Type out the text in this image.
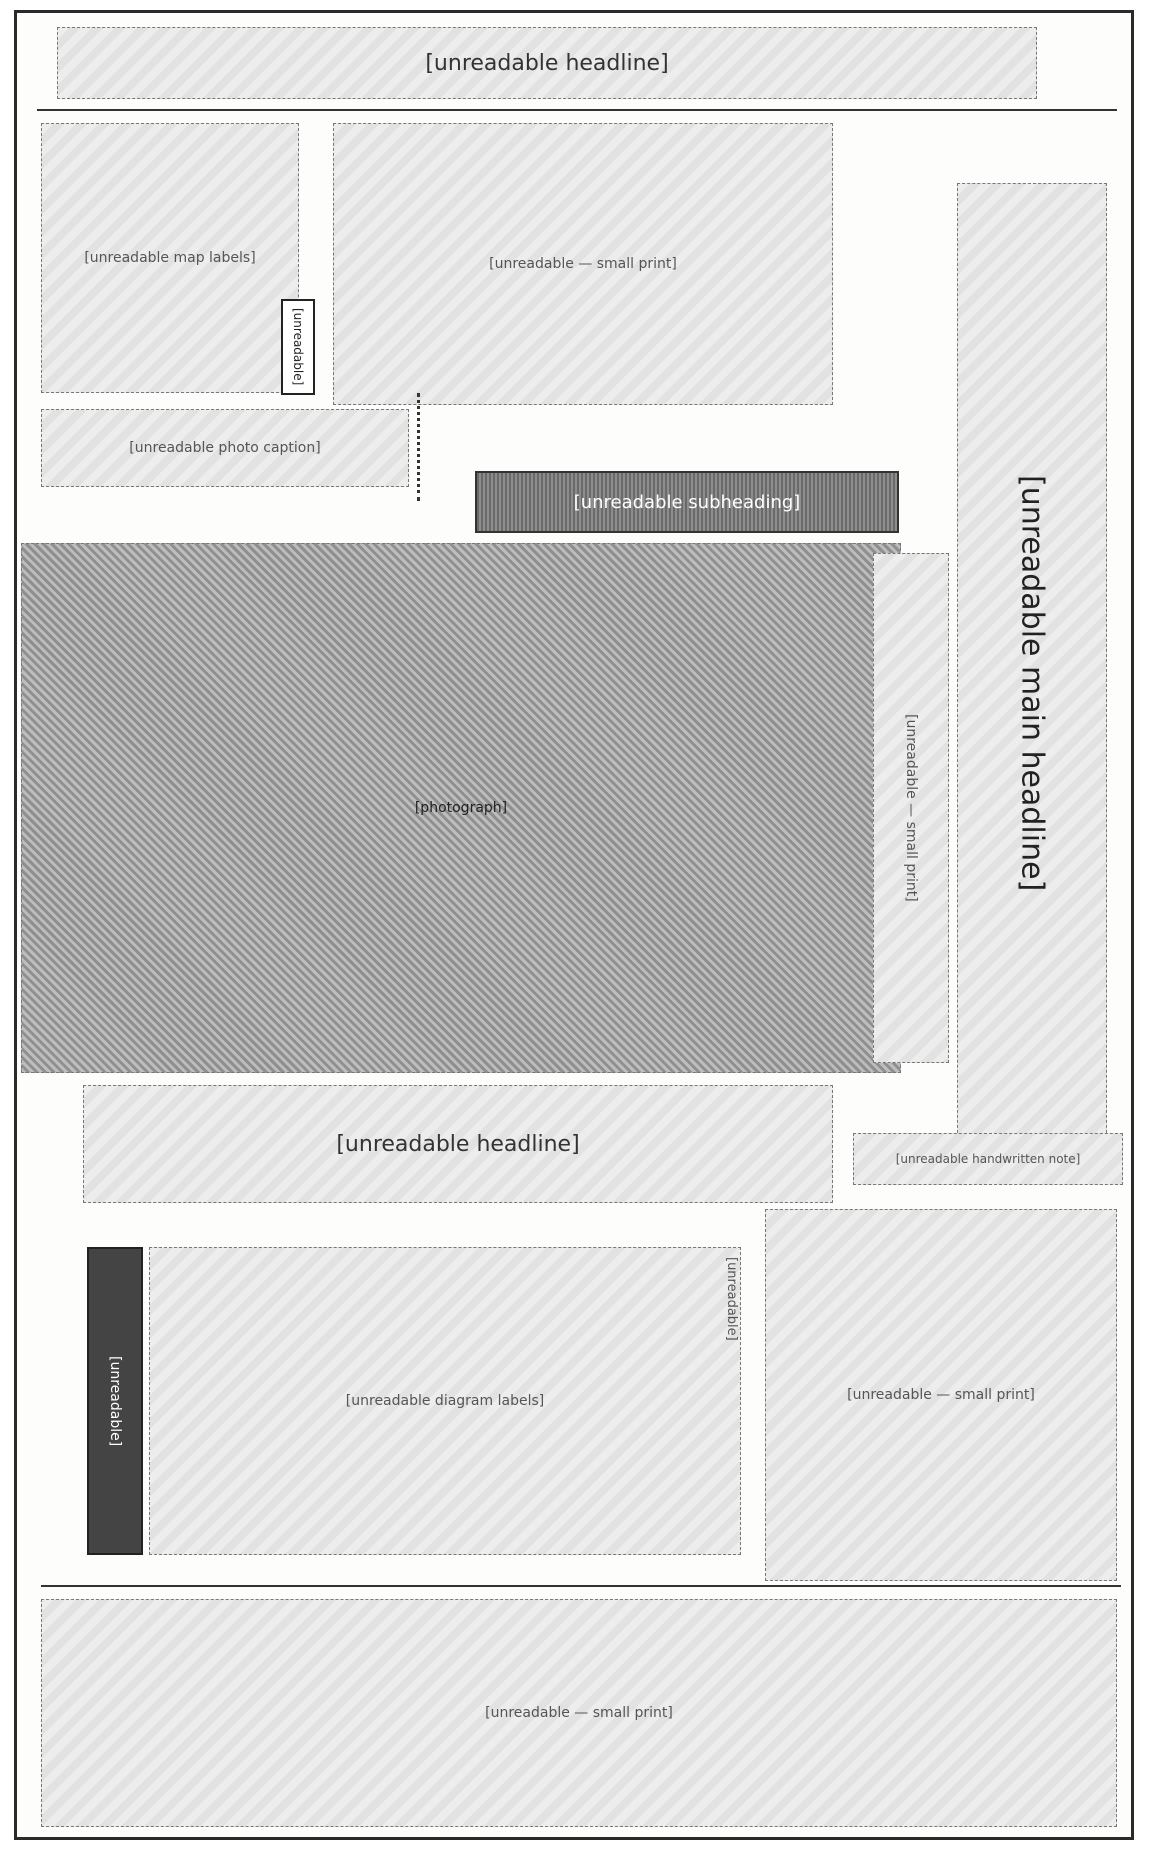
[unreadable headline]
[unreadable map labels]
[unreadable]
[unreadable — small print]
[unreadable main headline]
[unreadable photo caption]
[unreadable subheading]
[photograph]	[unreadable — small print]
[unreadable headline]
[unreadable handwritten note]
[unreadable]	[unreadable diagram labels]
[unreadable]
[unreadable — small print]
[unreadable — small print]
